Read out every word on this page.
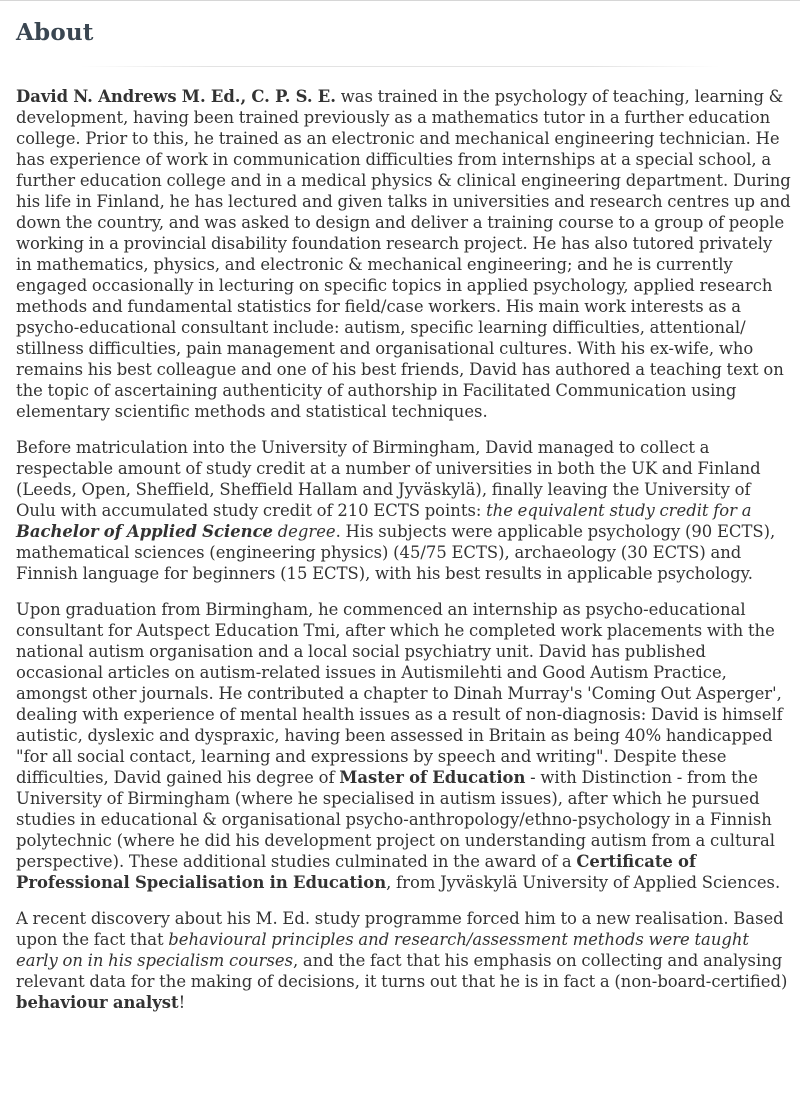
About

David N. Andrews M. Ed., C. P. S. E. was trained in the psychology of teaching, learning & development, having been trained previously as a mathematics tutor in a further education college. Prior to this, he trained as an electronic and mechanical engineering technician. He has experience of work in communication difficulties from internships at a special school, a further education college and in a medical physics & clinical engineering department. During his life in Finland, he has lectured and given talks in universities and research centres up and down the country, and was asked to design and deliver a training course to a group of people working in a provincial disability foundation research project. He has also tutored privately in mathematics, physics, and electronic & mechanical engineering; and he is currently engaged occasionally in lecturing on specific topics in applied psychology, applied research methods and fundamental statistics for field/case workers. His main work interests as a psycho-educational consultant include: autism, specific learning difficulties, attentional/ stillness difficulties, pain management and organisational cultures. With his ex-wife, who remains his best colleague and one of his best friends, David has authored a teaching text on the topic of ascertaining authenticity of authorship in Facilitated Communication using elementary scientific methods and statistical techniques.

Before matriculation into the University of Birmingham, David managed to collect a respectable amount of study credit at a number of universities in both the UK and Finland (Leeds, Open, Sheffield, Sheffield Hallam and Jyväskylä), finally leaving the University of Oulu with accumulated study credit of 210 ECTS points: the equivalent study credit for a Bachelor of Applied Science degree. His subjects were applicable psychology (90 ECTS), mathematical sciences (engineering physics) (45/75 ECTS), archaeology (30 ECTS) and Finnish language for beginners (15 ECTS), with his best results in applicable psychology.

Upon graduation from Birmingham, he commenced an internship as psycho-educational consultant for Autspect Education Tmi, after which he completed work placements with the national autism organisation and a local social psychiatry unit. David has published occasional articles on autism-related issues in Autismilehti and Good Autism Practice, amongst other journals. He contributed a chapter to Dinah Murray's 'Coming Out Asperger', dealing with experience of mental health issues as a result of non-diagnosis: David is himself autistic, dyslexic and dyspraxic, having been assessed in Britain as being 40% handicapped "for all social contact, learning and expressions by speech and writing". Despite these difficulties, David gained his degree of Master of Education - with Distinction - from the University of Birmingham (where he specialised in autism issues), after which he pursued studies in educational & organisational psycho-anthropology/ethno-psychology in a Finnish polytechnic (where he did his development project on understanding autism from a cultural perspective). These additional studies culminated in the award of a Certificate of Professional Specialisation in Education, from Jyväskylä University of Applied Sciences.

A recent discovery about his M. Ed. study programme forced him to a new realisation. Based upon the fact that behavioural principles and research/assessment methods were taught early on in his specialism courses, and the fact that his emphasis on collecting and analysing relevant data for the making of decisions, it turns out that he is in fact a (non-board-certified) behaviour analyst!
